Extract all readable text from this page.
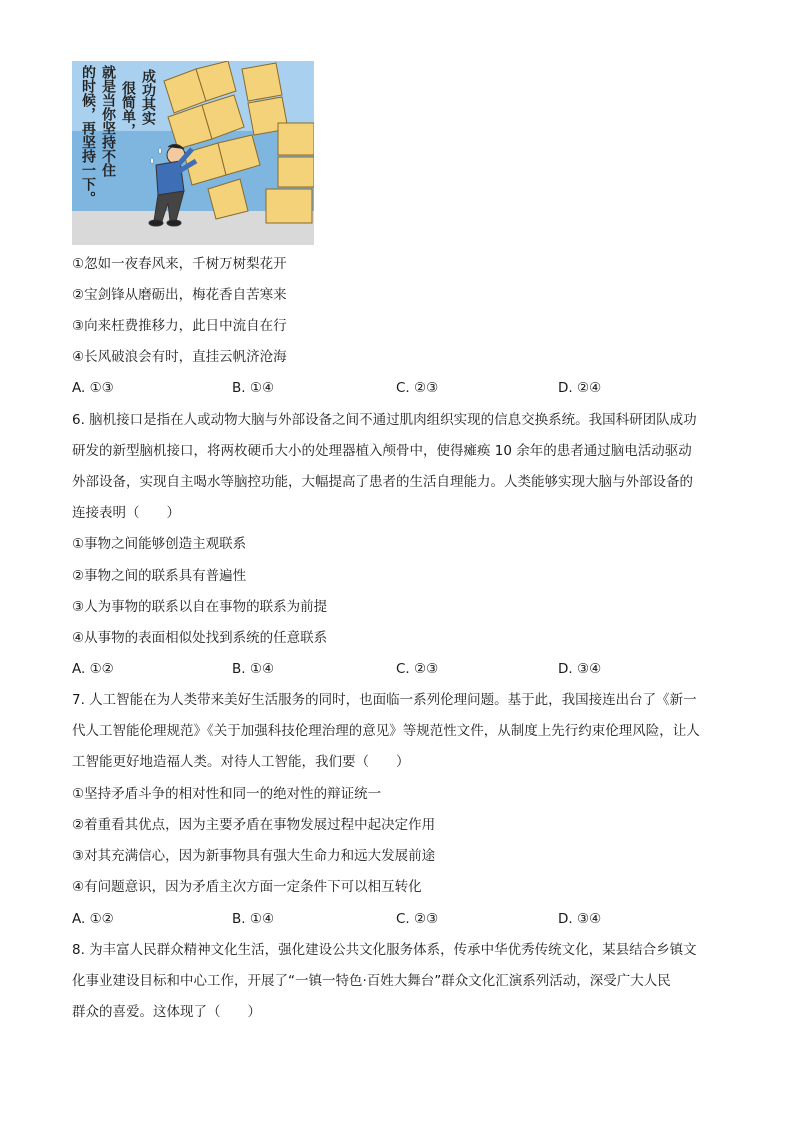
成功其实
很简单，
就是当你坚持不住
的时候，再坚持一下。
①忽如一夜春风来，千树万树梨花开
②宝剑锋从磨砺出，梅花香自苦寒来
③向来枉费推移力，此日中流自在行
④长风破浪会有时，直挂云帆济沧海
A. ①③	B. ①④	C. ②③	D. ②④
6. 脑机接口是指在人或动物大脑与外部设备之间不通过肌肉组织实现的信息交换系统。我国科研团队成功
研发的新型脑机接口，将两枚硬币大小的处理器植入颅骨中，使得瘫痪 10 余年的患者通过脑电活动驱动
外部设备，实现自主喝水等脑控功能，大幅提高了患者的生活自理能力。人类能够实现大脑与外部设备的
连接表明（　　）
①事物之间能够创造主观联系
②事物之间的联系具有普遍性
③人为事物的联系以自在事物的联系为前提
④从事物的表面相似处找到系统的任意联系
A. ①②	B. ①④	C. ②③	D. ③④
7. 人工智能在为人类带来美好生活服务的同时，也面临一系列伦理问题。基于此，我国接连出台了《新一
代人工智能伦理规范》《关于加强科技伦理治理的意见》等规范性文件，从制度上先行约束伦理风险，让人
工智能更好地造福人类。对待人工智能，我们要（　　）
①坚持矛盾斗争的相对性和同一的绝对性的辩证统一
②着重看其优点，因为主要矛盾在事物发展过程中起决定作用
③对其充满信心，因为新事物具有强大生命力和远大发展前途
④有问题意识，因为矛盾主次方面一定条件下可以相互转化
A. ①②	B. ①④	C. ②③	D. ③④
8. 为丰富人民群众精神文化生活，强化建设公共文化服务体系，传承中华优秀传统文化，某县结合乡镇文
化事业建设目标和中心工作，开展了“一镇一特色·百姓大舞台”群众文化汇演系列活动，深受广大人民
群众的喜爱。这体现了（　　）
